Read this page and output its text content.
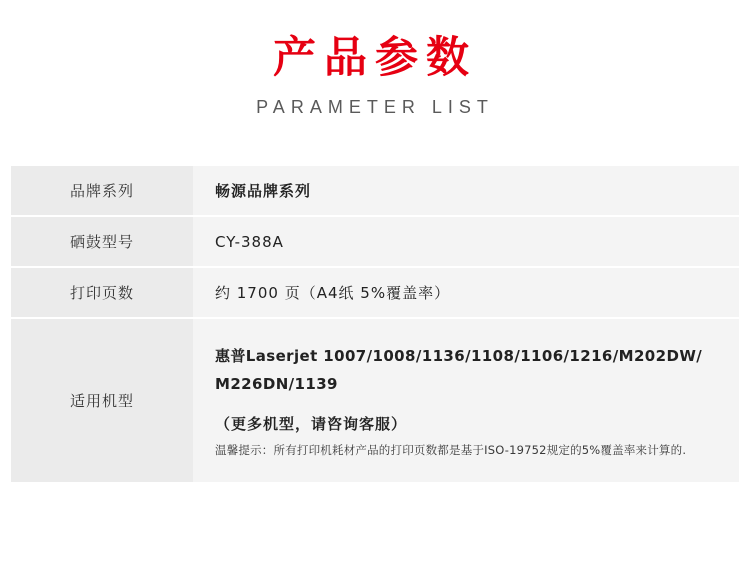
产品参数
PARAMETER LIST
品牌系列	畅源品牌系列
硒鼓型号	CY-388A
打印页数	约 1700 页（A4纸 5%覆盖率）
适用机型	惠普Laserjet 1007/1008/1136/1108/1106/1216/M202DW/
M226DN/1139
（更多机型，请咨询客服）
温馨提示：所有打印机耗材产品的打印页数都是基于ISO-19752规定的5%覆盖率来计算的.
